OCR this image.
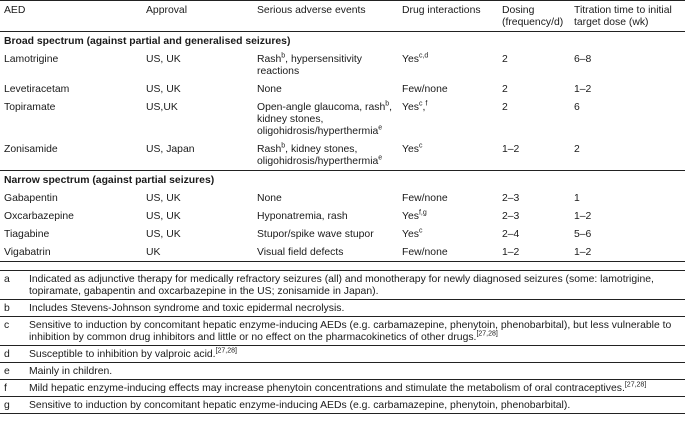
AED	Approval	Serious adverse events	Drug interactions	Dosing (frequency/d)	Titration time to initial target dose (wk)
Broad spectrum (against partial and generalised seizures)					
Lamotrigine	US, UK	Rash$^b$, hypersensitivity reactions	Yes$^{c,d}$	2	6–8
Levetiracetam	US, UK	None	Few/none	2	1–2
Topiramate	US,UK	Open-angle glaucoma, rash$^b$, kidney stones, oligohidrosis/hyperthermia$^e$	Yes$^c$,$^f$	2	6
Zonisamide	US, Japan	Rash$^b$, kidney stones, oligohidrosis/hyperthermia$^e$	Yes$^c$	1–2	2
Narrow spectrum (against partial seizures)					
Gabapentin	US, UK	None	Few/none	2–3	1
Oxcarbazepine	US, UK	Hyponatremia, rash	Yes$^{f,g}$	2–3	1–2
Tiagabine	US, UK	Stupor/spike wave stupor	Yes$^c$	2–4	5–6
Vigabatrin	UK	Visual field defects	Few/none	1–2	1–2
a	Indicated as adjunctive therapy for medically refractory seizures (all) and monotherapy for newly diagnosed seizures (some: lamotrigine, topiramate, gabapentin and oxcarbazepine in the US; zonisamide in Japan).
b	Includes Stevens-Johnson syndrome and toxic epidermal necrolysis.
c	Sensitive to induction by concomitant hepatic enzyme-inducing AEDs (e.g. carbamazepine, phenytoin, phenobarbital), but less vulnerable to inhibition by common drug inhibitors and little or no effect on the pharmacokinetics of other drugs.[27,28]
d	Susceptible to inhibition by valproic acid.[27,28]
e	Mainly in children.
f	Mild hepatic enzyme-inducing effects may increase phenytoin concentrations and stimulate the metabolism of oral contraceptives.[27,28]
g	Sensitive to induction by concomitant hepatic enzyme-inducing AEDs (e.g. carbamazepine, phenytoin, phenobarbital).
